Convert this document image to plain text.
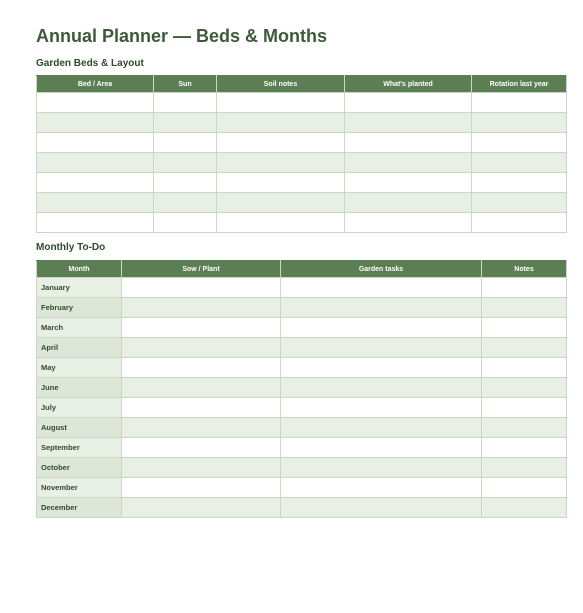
Annual Planner — Beds & Months
Garden Beds & Layout
Bed / Area	Sun	Soil notes	What's planted	Rotation last year

Monthly To-Do
Month	Sow / Plant	Garden tasks	Notes
January			
February			
March			
April			
May			
June			
July			
August			
September			
October			
November			
December			
